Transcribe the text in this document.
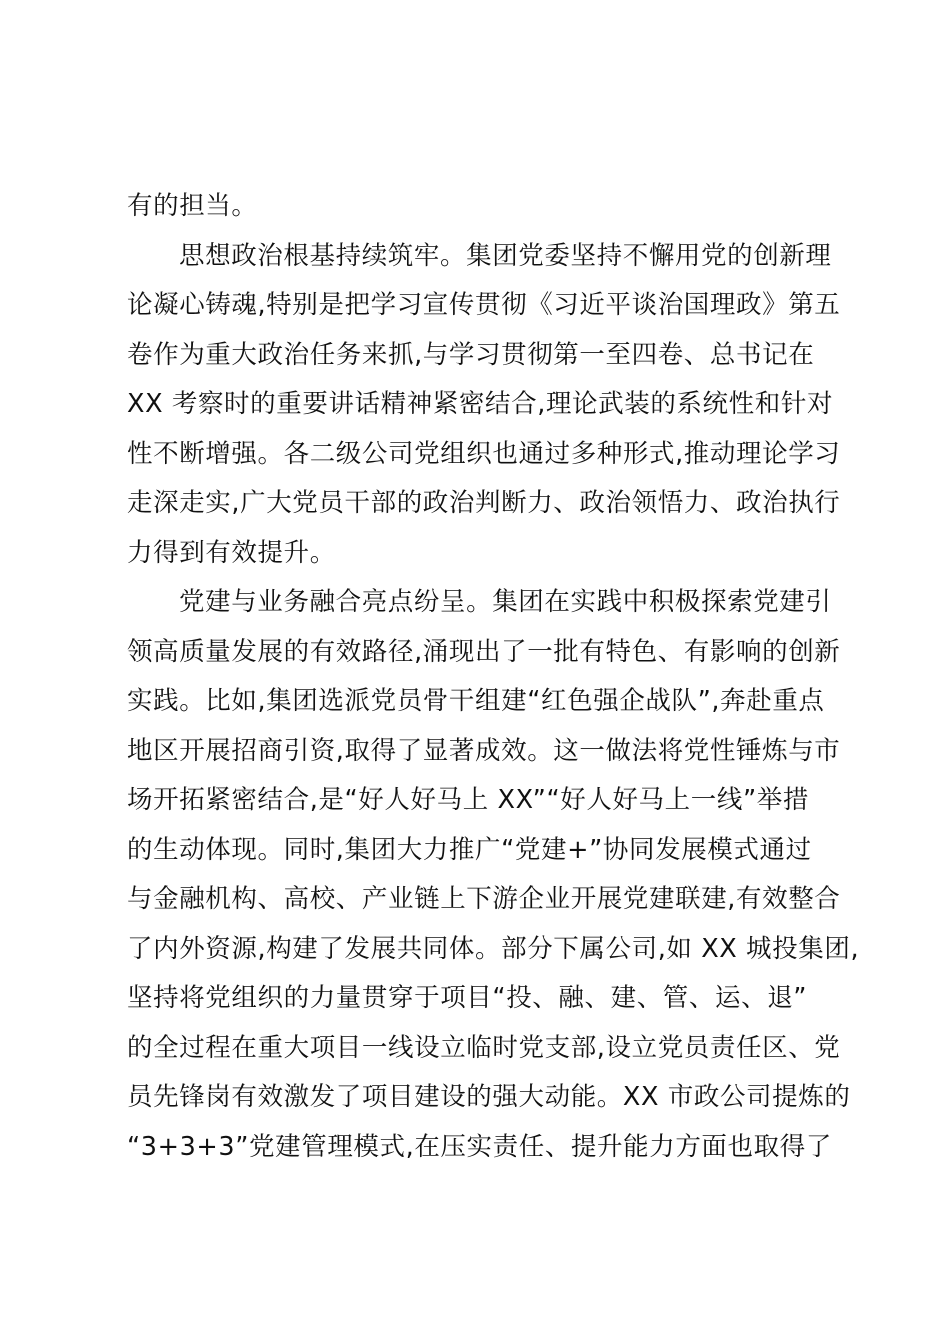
有的担当。
思想政治根基持续筑牢。集团党委坚持不懈用党的创新理
论凝心铸魂,特别是把学习宣传贯彻《习近平谈治国理政》第五
卷作为重大政治任务来抓,与学习贯彻第一至四卷、总书记在
XX 考察时的重要讲话精神紧密结合,理论武装的系统性和针对
性不断增强。各二级公司党组织也通过多种形式,推动理论学习
走深走实,广大党员干部的政治判断力、政治领悟力、政治执行
力得到有效提升。
党建与业务融合亮点纷呈。集团在实践中积极探索党建引
领高质量发展的有效路径,涌现出了一批有特色、有影响的创新
实践。比如,集团选派党员骨干组建“红色强企战队”,奔赴重点
地区开展招商引资,取得了显著成效。这一做法将党性锤炼与市
场开拓紧密结合,是“好人好马上 XX”“好人好马上一线”举措
的生动体现。同时,集团大力推广“党建+”协同发展模式通过
与金融机构、高校、产业链上下游企业开展党建联建,有效整合
了内外资源,构建了发展共同体。部分下属公司,如 XX 城投集团,
坚持将党组织的力量贯穿于项目“投、融、建、管、运、退”
的全过程在重大项目一线设立临时党支部,设立党员责任区、党
员先锋岗有效激发了项目建设的强大动能。XX 市政公司提炼的
“3+3+3”党建管理模式,在压实责任、提升能力方面也取得了
